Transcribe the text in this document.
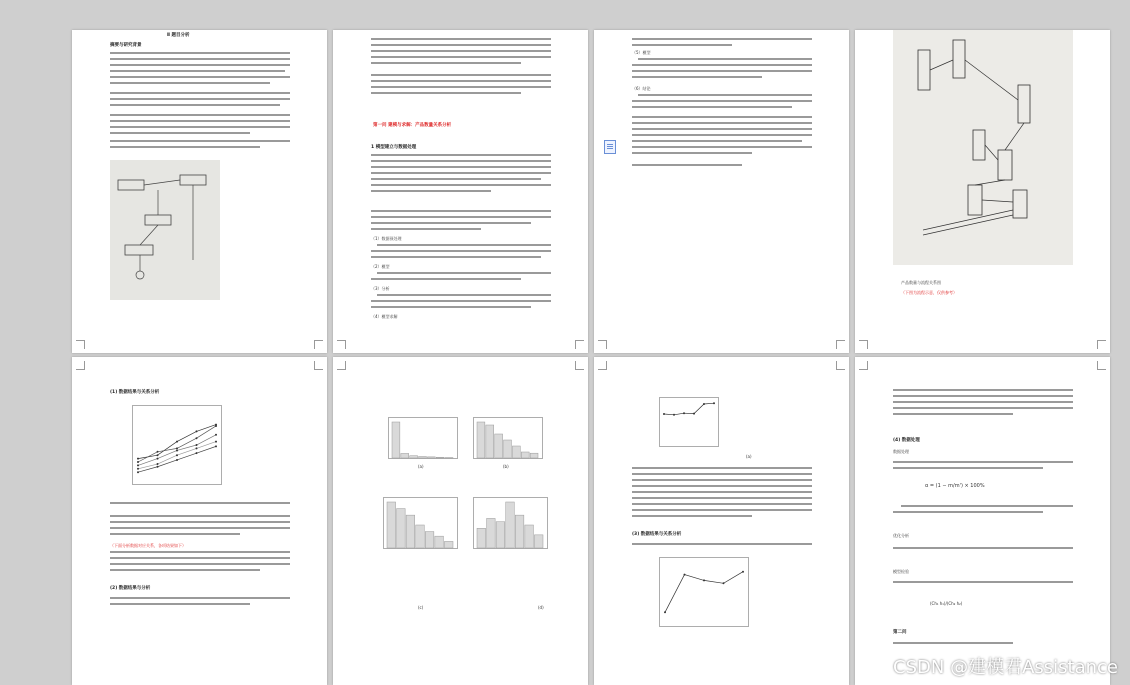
Ⅱ 题目分析
摘要与研究背景
第一问 建模与求解：产品数量关系分析
1 模型建立与数据处理
（1）数据预处理
（2）模型
（3）分析
（4）模型求解
（5）模型
（6）结论
产品数量与流程关系图
（下图为流程示意，仅供参考）
(1) 数据结果与关系分析
（下面分析数据对应关系，各项结果如下）
(2) 数据结果与分析
(a)	(b)
(c)	(d)
(a)
(3) 数据结果与关系分析
(4) 数据处理
数据处理
α = (1 − m/m') × 100%
优化分析
模型检验
(Ch₁ h₁)/(Ch₂ h₂)
第二问
CSDN @建模君Assistance
